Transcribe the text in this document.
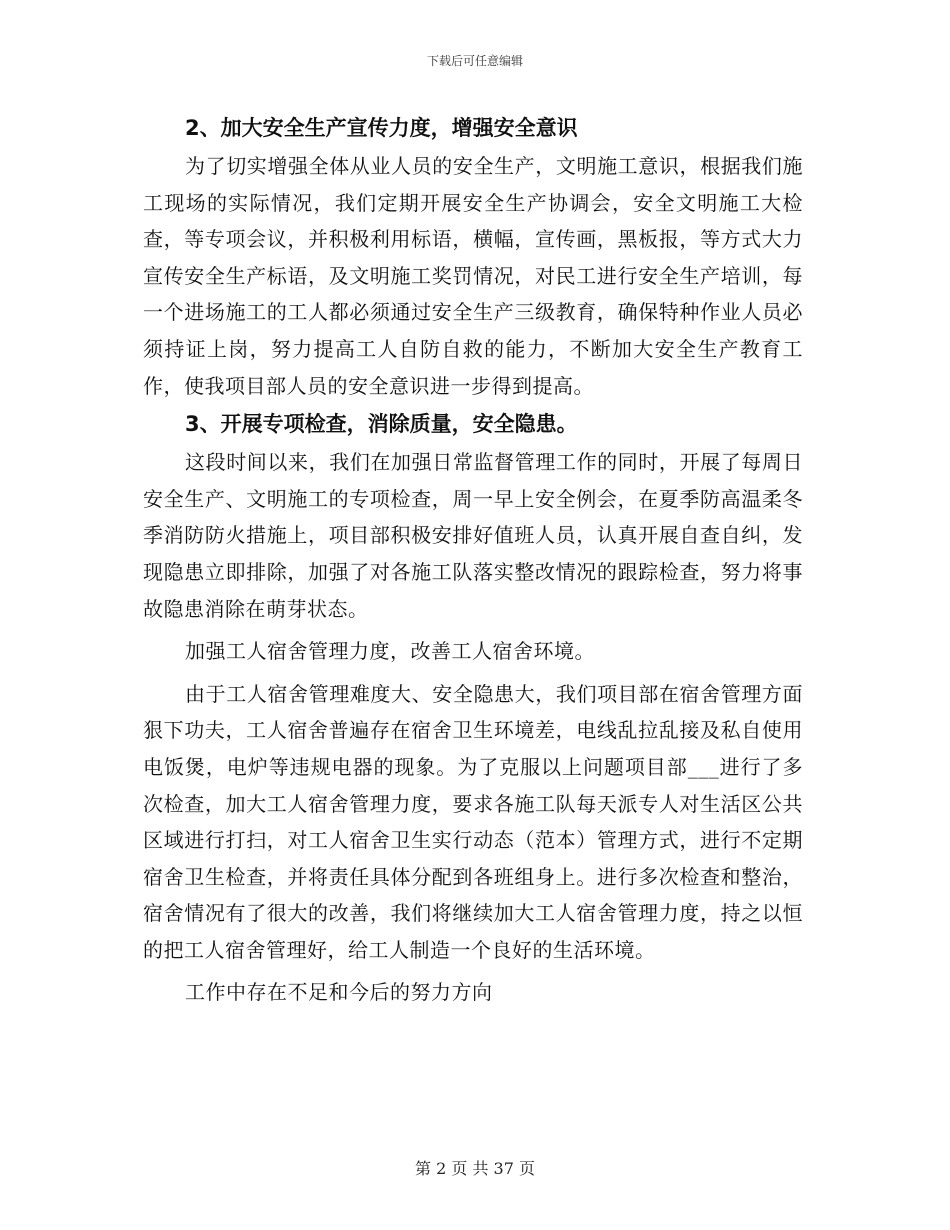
下载后可任意编辑

2、加大安全生产宣传力度，增强安全意识

为了切实增强全体从业人员的安全生产，文明施工意识，根据我们施工现场的实际情况，我们定期开展安全生产协调会，安全文明施工大检查，等专项会议，并积极利用标语，横幅，宣传画，黑板报，等方式大力宣传安全生产标语，及文明施工奖罚情况，对民工进行安全生产培训，每一个进场施工的工人都必须通过安全生产三级教育，确保特种作业人员必须持证上岗，努力提高工人自防自救的能力，不断加大安全生产教育工作，使我项目部人员的安全意识进一步得到提高。

3、开展专项检查，消除质量，安全隐患。

这段时间以来，我们在加强日常监督管理工作的同时，开展了每周日安全生产、文明施工的专项检查，周一早上安全例会，在夏季防高温柔冬季消防防火措施上，项目部积极安排好值班人员，认真开展自查自纠，发现隐患立即排除，加强了对各施工队落实整改情况的跟踪检查，努力将事故隐患消除在萌芽状态。

加强工人宿舍管理力度，改善工人宿舍环境。

由于工人宿舍管理难度大、安全隐患大，我们项目部在宿舍管理方面狠下功夫，工人宿舍普遍存在宿舍卫生环境差，电线乱拉乱接及私自使用电饭煲，电炉等违规电器的现象。为了克服以上问题项目部___进行了多次检查，加大工人宿舍管理力度，要求各施工队每天派专人对生活区公共区域进行打扫，对工人宿舍卫生实行动态（范本）管理方式，进行不定期宿舍卫生检查，并将责任具体分配到各班组身上。进行多次检查和整治，宿舍情况有了很大的改善，我们将继续加大工人宿舍管理力度，持之以恒的把工人宿舍管理好，给工人制造一个良好的生活环境。

工作中存在不足和今后的努力方向

第 2 页 共 37 页
